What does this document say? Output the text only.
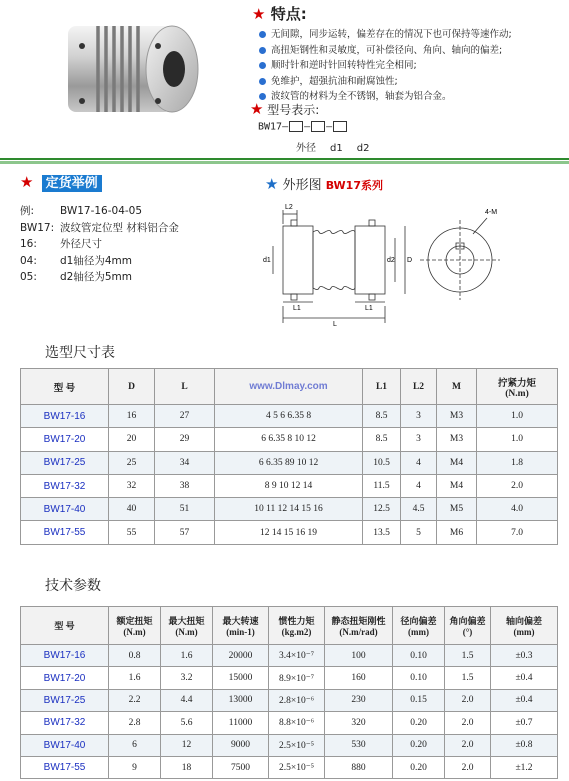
★ 特点:
无间隙，同步运转，偏差存在的情况下也可保持等速作动;
高扭矩钢性和灵敏度，可补偿径向、角向、轴向的偏差;
顺时针和逆时针回转特性完全相同;
免维护，超强抗油和耐腐蚀性;
波纹管的材料为全不锈钢，轴套为铝合金。
★ 型号表示:
BW17— — —
外径 d1 d2
★ 定货举例
例: BW17-16-04-05
BW17: 波纹管定位型 材料铝合金
16: 外径尺寸
04: d1轴径为4mm
05: d2轴径为5mm
★ 外形图 BW17系列
L2
d1	d2 D
L1	L1
L
4-M
选型尺寸表
型 号	D	L	www.Dlmay.com	L1	L2	M	拧紧力矩
(N.m)
BW17-16	16	27	4 5 6 6.35 8	8.5	3	M3	1.0
BW17-20	20	29	6 6.35 8 10 12	8.5	3	M3	1.0
BW17-25	25	34	6 6.35 89 10 12	10.5	4	M4	1.8
BW17-32	32	38	8 9 10 12 14	11.5	4	M4	2.0
BW17-40	40	51	10 11 12 14 15 16	12.5	4.5	M5	4.0
BW17-55	55	57	12 14 15 16 19	13.5	5	M6	7.0
技术参数
型 号	额定扭矩
(N.m)	最大扭矩
(N.m)	最大转速
(min-1)	惯性力矩
(kg.m2)	静态扭矩刚性
(N.m/rad)	径向偏差
(mm)	角向偏差
(°)	轴向偏差
(mm)
BW17-16	0.8	1.6	20000	3.4×10⁻⁷	100	0.10	1.5	±0.3
BW17-20	1.6	3.2	15000	8.9×10⁻⁷	160	0.10	1.5	±0.4
BW17-25	2.2	4.4	13000	2.8×10⁻⁶	230	0.15	2.0	±0.4
BW17-32	2.8	5.6	11000	8.8×10⁻⁶	320	0.20	2.0	±0.7
BW17-40	6	12	9000	2.5×10⁻⁵	530	0.20	2.0	±0.8
BW17-55	9	18	7500	2.5×10⁻⁵	880	0.20	2.0	±1.2
